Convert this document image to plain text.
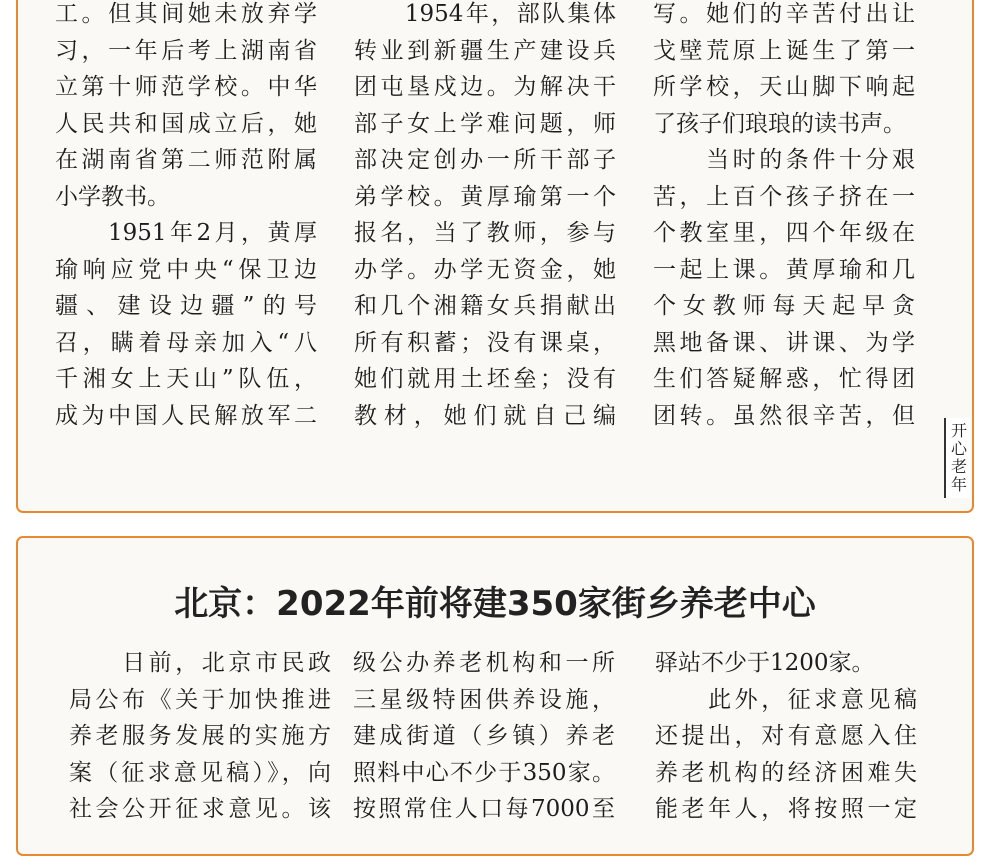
工。但其间她未放弃学
习，一年后考上湖南省
立第十师范学校。中华
人民共和国成立后，她
在湖南省第二师范附属
小学教书。
　　1951年2月，黄厚
瑜响应党中央“保卫边
疆、建设边疆”的号
召，瞒着母亲加入“八
千湘女上天山”队伍，
成为中国人民解放军二
　　1954年，部队集体
转业到新疆生产建设兵
团屯垦戍边。为解决干
部子女上学难问题，师
部决定创办一所干部子
弟学校。黄厚瑜第一个
报名，当了教师，参与
办学。办学无资金，她
和几个湘籍女兵捐献出
所有积蓄；没有课桌，
她们就用土坯垒；没有
教材，她们就自己编
写。她们的辛苦付出让
戈壁荒原上诞生了第一
所学校，天山脚下响起
了孩子们琅琅的读书声。
　　当时的条件十分艰
苦，上百个孩子挤在一
个教室里，四个年级在
一起上课。黄厚瑜和几
个女教师每天起早贪
黑地备课、讲课、为学
生们答疑解惑，忙得团
团转。虽然很辛苦，但
开
心
老
年
北京：2022年前将建350家街乡养老中心
　　日前，北京市民政
局公布《关于加快推进
养老服务发展的实施方
案（征求意见稿）》，向
社会公开征求意见。该
级公办养老机构和一所
三星级特困供养设施，
建成街道（乡镇）养老
照料中心不少于350家。
按照常住人口每7000至
驿站不少于1200家。
　　此外，征求意见稿
还提出，对有意愿入住
养老机构的经济困难失
能老年人，将按照一定
